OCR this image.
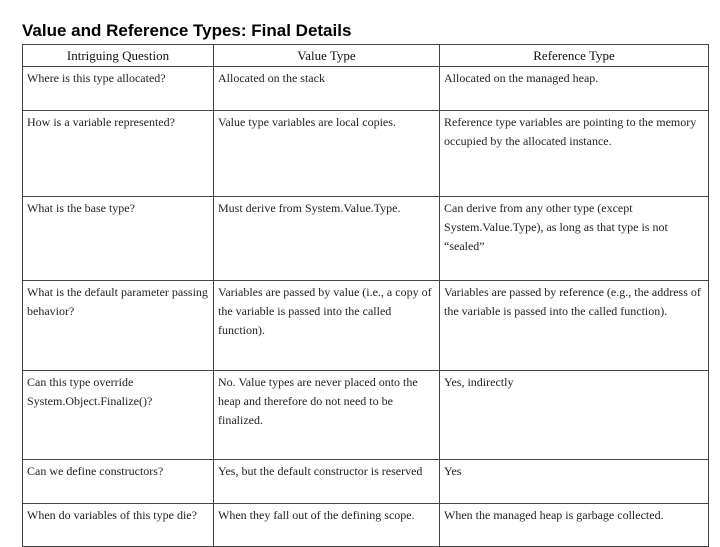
Value and Reference Types: Final Details
Intriguing Question	Value Type	Reference Type
Where is this type allocated?	Allocated on the stack	Allocated on the managed heap.
How is a variable represented?	Value type variables are local copies.	Reference type variables are pointing to the memory occupied by the allocated instance.
What is the base type?	Must derive from System.Value.Type.	Can derive from any other type (except System.Value.Type), as long as that type is not “sealed”
What is the default parameter passing behavior?	Variables are passed by value (i.e., a copy of the variable is passed into the called function).	Variables are passed by reference (e.g., the address of the variable is passed into the called function).
Can this type override System.Object.Finalize()?	No. Value types are never placed onto the heap and therefore do not need to be finalized.	Yes, indirectly
Can we define constructors?	Yes, but the default constructor is reserved	Yes
When do variables of this type die?	When they fall out of the defining scope.	When the managed heap is garbage collected.
